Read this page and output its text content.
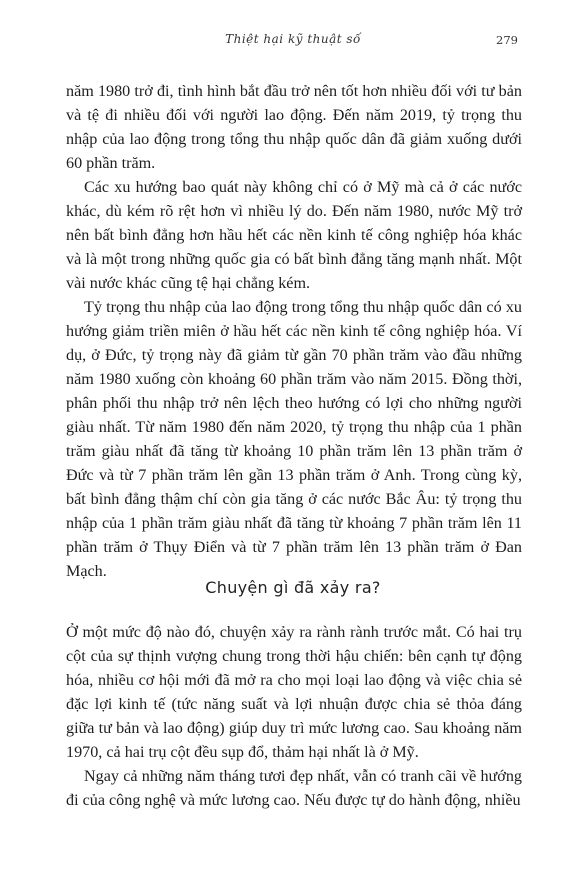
Thiệt hại kỹ thuật số	279

năm 1980 trở đi, tình hình bắt đầu trở nên tốt hơn nhiều đối với tư bản và tệ đi nhiều đối với người lao động. Đến năm 2019, tỷ trọng thu nhập của lao động trong tổng thu nhập quốc dân đã giảm xuống dưới 60 phần trăm.

Các xu hướng bao quát này không chỉ có ở Mỹ mà cả ở các nước khác, dù kém rõ rệt hơn vì nhiều lý do. Đến năm 1980, nước Mỹ trở nên bất bình đẳng hơn hầu hết các nền kinh tế công nghiệp hóa khác và là một trong những quốc gia có bất bình đẳng tăng mạnh nhất. Một vài nước khác cũng tệ hại chẳng kém.

Tỷ trọng thu nhập của lao động trong tổng thu nhập quốc dân có xu hướng giảm triền miên ở hầu hết các nền kinh tế công nghiệp hóa. Ví dụ, ở Đức, tỷ trọng này đã giảm từ gần 70 phần trăm vào đầu những năm 1980 xuống còn khoảng 60 phần trăm vào năm 2015. Đồng thời, phân phối thu nhập trở nên lệch theo hướng có lợi cho những người giàu nhất. Từ năm 1980 đến năm 2020, tỷ trọng thu nhập của 1 phần trăm giàu nhất đã tăng từ khoảng 10 phần trăm lên 13 phần trăm ở Đức và từ 7 phần trăm lên gần 13 phần trăm ở Anh. Trong cùng kỳ, bất bình đẳng thậm chí còn gia tăng ở các nước Bắc Âu: tỷ trọng thu nhập của 1 phần trăm giàu nhất đã tăng từ khoảng 7 phần trăm lên 11 phần trăm ở Thụy Điển và từ 7 phần trăm lên 13 phần trăm ở Đan Mạch.

Chuyện gì đã xảy ra?

Ở một mức độ nào đó, chuyện xảy ra rành rành trước mắt. Có hai trụ cột của sự thịnh vượng chung trong thời hậu chiến: bên cạnh tự động hóa, nhiều cơ hội mới đã mở ra cho mọi loại lao động và việc chia sẻ đặc lợi kinh tế (tức năng suất và lợi nhuận được chia sẻ thỏa đáng giữa tư bản và lao động) giúp duy trì mức lương cao. Sau khoảng năm 1970, cả hai trụ cột đều sụp đổ, thảm hại nhất là ở Mỹ.

Ngay cả những năm tháng tươi đẹp nhất, vẫn có tranh cãi về hướng đi của công nghệ và mức lương cao. Nếu được tự do hành động, nhiều
